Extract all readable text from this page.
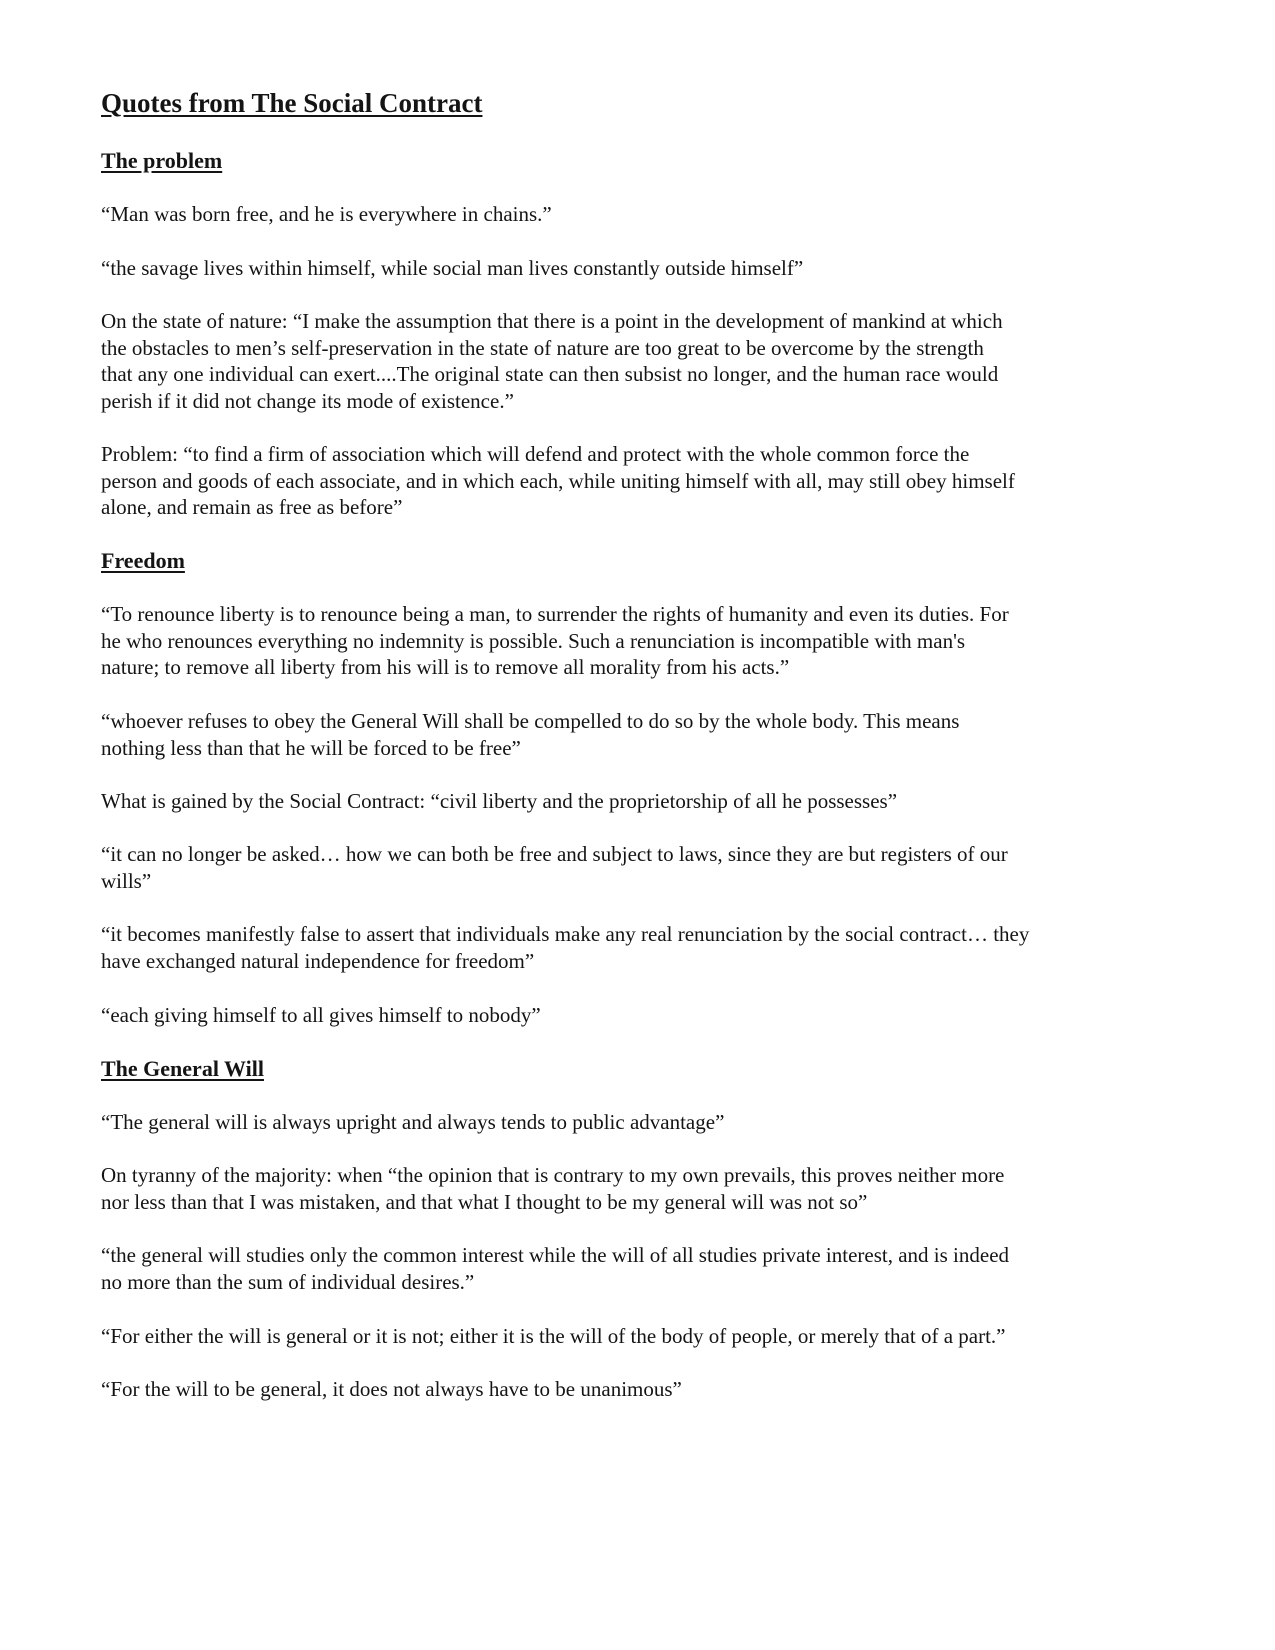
Quotes from The Social Contract
The problem

“Man was born free, and he is everywhere in chains.”

“the savage lives within himself, while social man lives constantly outside himself”

On the state of nature: “I make the assumption that there is a point in the development of mankind at which
the obstacles to men’s self-preservation in the state of nature are too great to be overcome by the strength
that any one individual can exert....The original state can then subsist no longer, and the human race would
perish if it did not change its mode of existence.”

Problem: “to find a firm of association which will defend and protect with the whole common force the
person and goods of each associate, and in which each, while uniting himself with all, may still obey himself
alone, and remain as free as before”

Freedom

“To renounce liberty is to renounce being a man, to surrender the rights of humanity and even its duties. For
he who renounces everything no indemnity is possible. Such a renunciation is incompatible with man's
nature; to remove all liberty from his will is to remove all morality from his acts.”

“whoever refuses to obey the General Will shall be compelled to do so by the whole body. This means
nothing less than that he will be forced to be free”

What is gained by the Social Contract: “civil liberty and the proprietorship of all he possesses”

“it can no longer be asked… how we can both be free and subject to laws, since they are but registers of our
wills”

“it becomes manifestly false to assert that individuals make any real renunciation by the social contract… they
have exchanged natural independence for freedom”

“each giving himself to all gives himself to nobody”

The General Will

“The general will is always upright and always tends to public advantage”

On tyranny of the majority: when “the opinion that is contrary to my own prevails, this proves neither more
nor less than that I was mistaken, and that what I thought to be my general will was not so”

“the general will studies only the common interest while the will of all studies private interest, and is indeed
no more than the sum of individual desires.”

“For either the will is general or it is not; either it is the will of the body of people, or merely that of a part.”

“For the will to be general, it does not always have to be unanimous”
